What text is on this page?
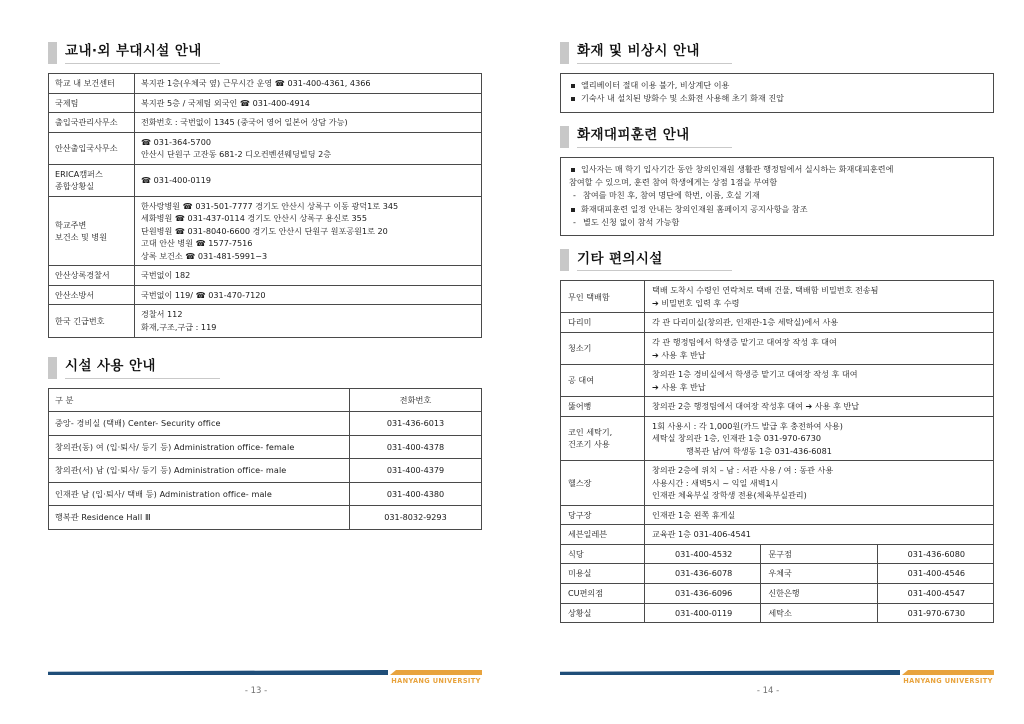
교내·외 부대시설 안내
학교 내 보건센터	복지관 1층(우체국 옆) 근무시간 운영 ☎ 031-400-4361, 4366
국제팀	복지관 5층 / 국제팀 외국인 ☎ 031-400-4914
출입국관리사무소	전화번호 : 국번없이 1345 (중국어 영어 일본어 상담 가능)
안산출입국사무소	☎ 031-364-5700
안산시 단원구 고잔동 681-2 디오컨벤션웨딩빌딩 2층

ERICA캠퍼스
종합상황실	☎ 031-400-0119

학교주변
보건소 및 병원	한사랑병원 ☎ 031-501-7777 경기도 안산시 상록구 이동 광덕1로 345
세화병원 ☎ 031-437-0114 경기도 안산시 상록구 용신로 355
단원병원 ☎ 031-8040-6600 경기도 안산시 단원구 원포공원1로 20
고대 안산 병원 ☎ 1577-7516
상록 보건소 ☎ 031-481-5991−3

안산상록경찰서	국번없이 182
안산소방서	국번없이 119/ ☎ 031-470-7120
한국 긴급번호	경찰서 112
화재,구조,구급 : 119
시설 사용 안내
구 분	전화번호
중앙- 경비실 (택배) Center- Security office	031-436-6013
창의관(동) 여 (입·퇴사/ 등기 등) Administration office- female	031-400-4378
창의관(서) 남 (입·퇴사/ 등기 등) Administration office- male	031-400-4379
인재관 남 (입·퇴사/ 택배 등) Administration office- male	031-400-4380
행복관 Residence Hall Ⅲ	031-8032-9293
HANYANG UNIVERSITY
- 13 -
화재 및 비상시 안내
엘리베이터 절대 이용 불가, 비상계단 이용
기숙사 내 설치된 방화수 및 소화전 사용해 초기 화재 진압
화재대피훈련 안내
입사자는 매 학기 입사기간 동안 창의인재원 생활관 행정팀에서 실시하는 화재대피훈련에
참여할 수 있으며, 훈련 참여 학생에게는 상점 1점을 부여함
- 참여를 마친 후, 참여 명단에 학번, 이름, 호실 기재
화재대피훈련 일정 안내는 창의인재원 홈페이지 공지사항을 참조
- 별도 신청 없이 참석 가능함
기타 편의시설
무인 택배함	택배 도착시 수령인 연락처로 택배 건물, 택배함 비밀번호 전송됨
➔ 비밀번호 입력 후 수령		

다리미	각 관 다리미실(창의관, 인재관-1층 세탁실)에서 사용		
청소기	각 관 행정팀에서 학생증 맡기고 대여장 작성 후 대여
➔ 사용 후 반납		

공 대여	창의관 1층 경비실에서 학생증 맡기고 대여장 작성 후 대여
➔ 사용 후 반납		

뚫어뻥	창의관 2층 행정팀에서 대여장 작성후 대여 ➔ 사용 후 반납		

코인 세탁기,
건조기 사용	1회 사용시 : 각 1,000원(카드 발급 후 충전하여 사용)
세탁실 창의관 1층, 인재관 1층 031-970-6730
행복관 남/여 학생동 1층 031-436-6081		

헬스장	창의관 2층에 위치 – 남 : 서관 사용 / 여 : 동관 사용
사용시간 : 새벽5시 ~ 익일 새벽1시
인재관 체육부실 장학생 전용(체육부실관리)		

당구장	인재관 1층 왼쪽 휴게실		
세븐일레븐	교육관 1층 031-406-4541		
식당	031-400-4532	문구점	031-436-6080
미용실	031-436-6078	우체국	031-400-4546
CU편의점	031-436-6096	신한은행	031-400-4547
상황실	031-400-0119	세탁소	031-970-6730
HANYANG UNIVERSITY
- 14 -
